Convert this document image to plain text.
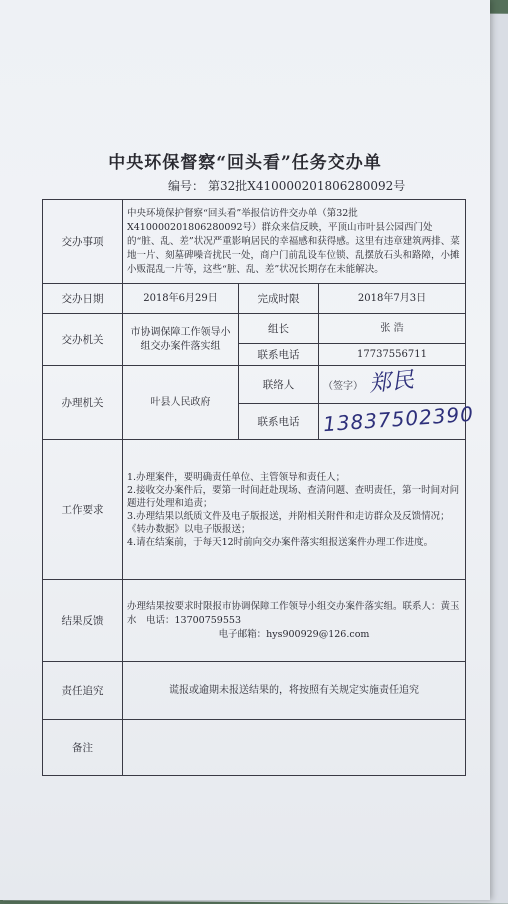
中央环保督察“回头看”任务交办单
编号： 第32批X410000201806280092号
交办事项	中央环境保护督察“回头看”举报信访件交办单（第32批X410000201806280092号）群众来信反映，平顶山市叶县公园西门处的“脏、乱、差”状况严重影响居民的幸福感和获得感。这里有违章建筑两排、菜地一片、刻墓碑噪音扰民一处，商户门前乱设车位锁、乱摆放石头和路障，小摊小贩混乱一片等，这些“脏、乱、差”状况长期存在未能解决。		
交办日期	2018年6月29日	完成时限	2018年7月3日
交办机关	市协调保障工作领导小组交办案件落实组	组长	张 浩
		联系电话	17737556711
办理机关	叶县人民政府	联络人	（签字） 郑民
		联系电话	13837502390
工作要求	1.办理案件，要明确责任单位、主管领导和责任人；

2.接收交办案件后，要第一时间赶赴现场、查清问题、查明责任，第一时间对问题进行处理和追责；

3.办理结果以纸质文件及电子版报送，并附相关附件和走访群众及反馈情况；《转办数据》以电子版报送；

4.请在结案前，于每天12时前向交办案件落实组报送案件办理工作进度。		

结果反馈	办理结果按要求时限报市协调保障工作领导小组交办案件落实组。联系人：黄玉水　电话：13700759553
电子邮箱：hys900929@126.com		

责任追究	谎报或逾期未报送结果的，将按照有关规定实施责任追究		
备注			
